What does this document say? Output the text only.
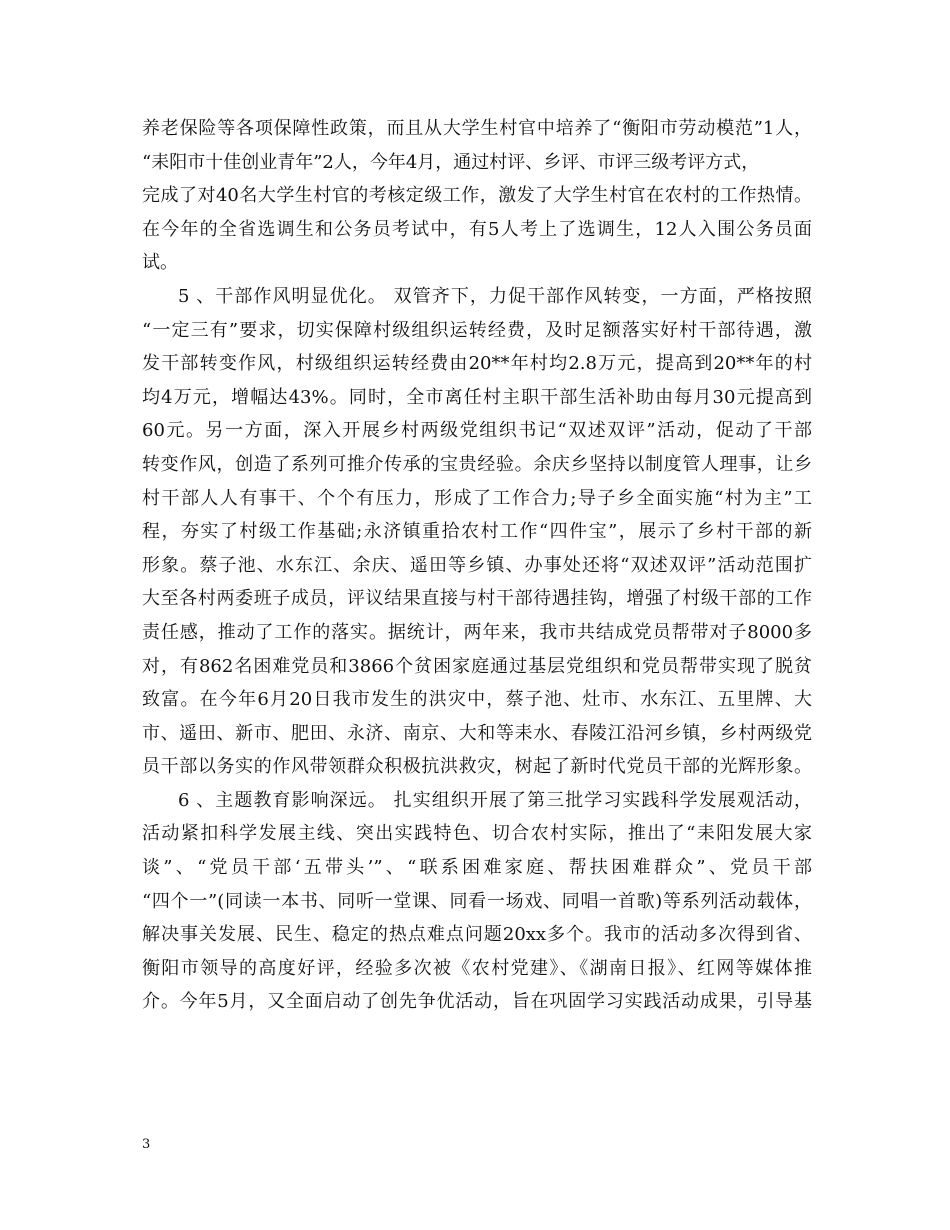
养老保险等各项保障性政策，而且从大学生村官中培养了“衡阳市劳动模范”1人，
“耒阳市十佳创业青年”2人，今年4月，通过村评、乡评、市评三级考评方式，
完成了对40名大学生村官的考核定级工作，激发了大学生村官在农村的工作热情。
在今年的全省选调生和公务员考试中，有5人考上了选调生，12人入围公务员面
试。
5 、干部作风明显优化。 双管齐下，力促干部作风转变，一方面，严格按照
“一定三有”要求，切实保障村级组织运转经费，及时足额落实好村干部待遇，激
发干部转变作风，村级组织运转经费由20**年村均2.8万元，提高到20**年的村
均4万元，增幅达43%。同时，全市离任村主职干部生活补助由每月30元提高到
60元。另一方面，深入开展乡村两级党组织书记“双述双评”活动，促动了干部
转变作风，创造了系列可推介传承的宝贵经验。余庆乡坚持以制度管人理事，让乡
村干部人人有事干、个个有压力，形成了工作合力;导子乡全面实施“村为主”工
程，夯实了村级工作基础;永济镇重拾农村工作“四件宝”，展示了乡村干部的新
形象。蔡子池、水东江、余庆、遥田等乡镇、办事处还将“双述双评”活动范围扩
大至各村两委班子成员，评议结果直接与村干部待遇挂钩，增强了村级干部的工作
责任感，推动了工作的落实。据统计，两年来，我市共结成党员帮带对子8000多
对，有862名困难党员和3866个贫困家庭通过基层党组织和党员帮带实现了脱贫
致富。在今年6月20日我市发生的洪灾中，蔡子池、灶市、水东江、五里牌、大
市、遥田、新市、肥田、永济、南京、大和等耒水、春陵江沿河乡镇，乡村两级党
员干部以务实的作风带领群众积极抗洪救灾，树起了新时代党员干部的光辉形象。
6 、主题教育影响深远。 扎实组织开展了第三批学习实践科学发展观活动，
活动紧扣科学发展主线、突出实践特色、切合农村实际，推出了“耒阳发展大家
谈”、“党员干部‘五带头’”、“联系困难家庭、帮扶困难群众”、党员干部
“四个一”(同读一本书、同听一堂课、同看一场戏、同唱一首歌)等系列活动载体，
解决事关发展、民生、稳定的热点难点问题20xx多个。我市的活动多次得到省、
衡阳市领导的高度好评，经验多次被《农村党建》、《湖南日报》、红网等媒体推
介。今年5月，又全面启动了创先争优活动，旨在巩固学习实践活动成果，引导基
3
